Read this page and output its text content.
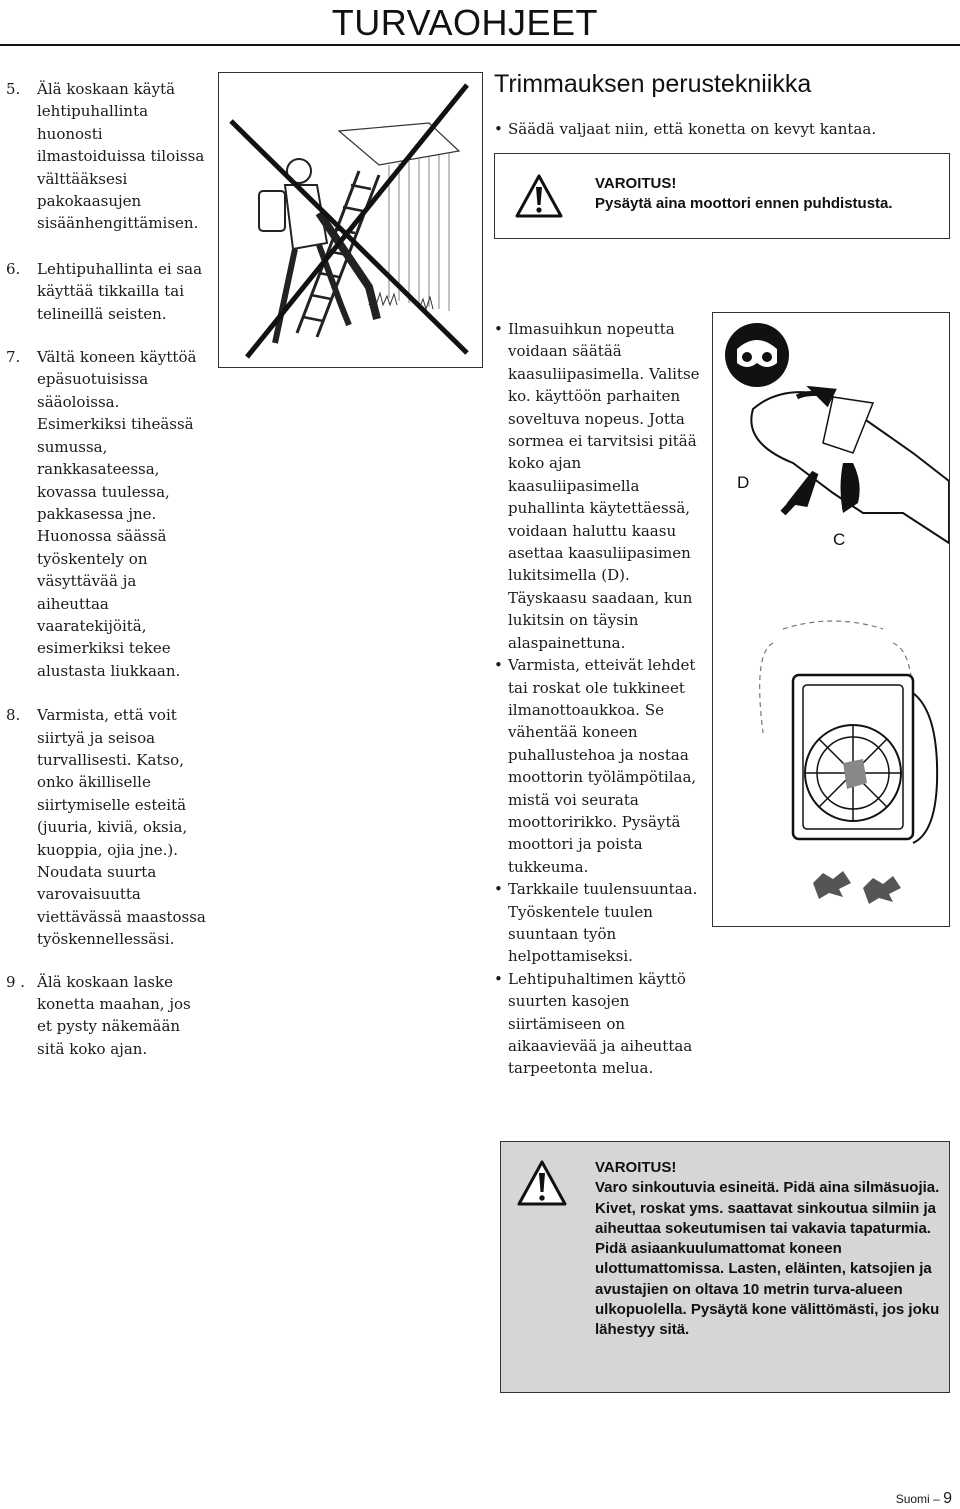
TURVAOHJEET
5.	Älä koskaan käytä lehtipuhallinta huonosti ilmastoiduissa tiloissa välttääksesi pakokaasujen sisäänhengittämisen.
6.	Lehtipuhallinta ei saa käyttää tikkailla tai telineillä seisten.
7.	Vältä koneen käyttöä epäsuotuisissa sääoloissa. Esimerkiksi tiheässä sumussa, rankkasateessa, kovassa tuulessa, pakkasessa jne. Huonossa säässä työskentely on väsyttävää ja aiheuttaa vaaratekijöitä, esimerkiksi tekee alustasta liukkaan.
8.	Varmista, että voit siirtyä ja seisoa turvallisesti. Katso, onko äkilliselle siirtymiselle esteitä (juuria, kiviä, oksia, kuoppia, ojia jne.). Noudata suurta varovaisuutta viettävässä maastossa työskennellessäsi.
9 . Älä koskaan laske konetta maahan, jos et pysty näkemään sitä koko ajan.
Trimmauksen perustekniikka
• Säädä valjaat niin, että konetta on kevyt kantaa.
VAROITUS!
Pysäytä aina moottori ennen puhdistusta.
• Ilmasuihkun nopeutta voidaan säätää kaasuliipasimella. Valitse ko. käyttöön parhaiten soveltuva nopeus. Jotta sormea ei tarvitsisi pitää koko ajan kaasuliipasimella puhallinta käytettäessä, voidaan haluttu kaasu asettaa kaasuliipasimen lukitsimella (D). Täyskaasu saadaan, kun lukitsin on täysin alaspainettuna.
• Varmista, etteivät lehdet tai roskat ole tukkineet ilmanottoaukkoa. Se vähentää koneen puhallustehoa ja nostaa moottorin työlämpötilaa, mistä voi seurata moottoririkko. Pysäytä moottori ja poista tukkeuma.
• Tarkkaile tuulensuuntaa. Työskentele tuulen suuntaan työn helpottamiseksi.
• Lehtipuhaltimen käyttö suurten kasojen siirtämiseen on aikaavievää ja aiheuttaa tarpeetonta melua.
D
C
VAROITUS!
Varo sinkoutuvia esineitä. Pidä aina silmäsuojia. Kivet, roskat yms. saattavat sinkoutua silmiin ja aiheuttaa sokeutumisen tai vakavia tapaturmia. Pidä asiaankuulumattomat koneen ulottumattomissa. Lasten, eläinten, katsojien ja avustajien on oltava 10 metrin turva-alueen ulkopuolella. Pysäytä kone välittömästi, jos joku lähestyy sitä.
Suomi – 9
